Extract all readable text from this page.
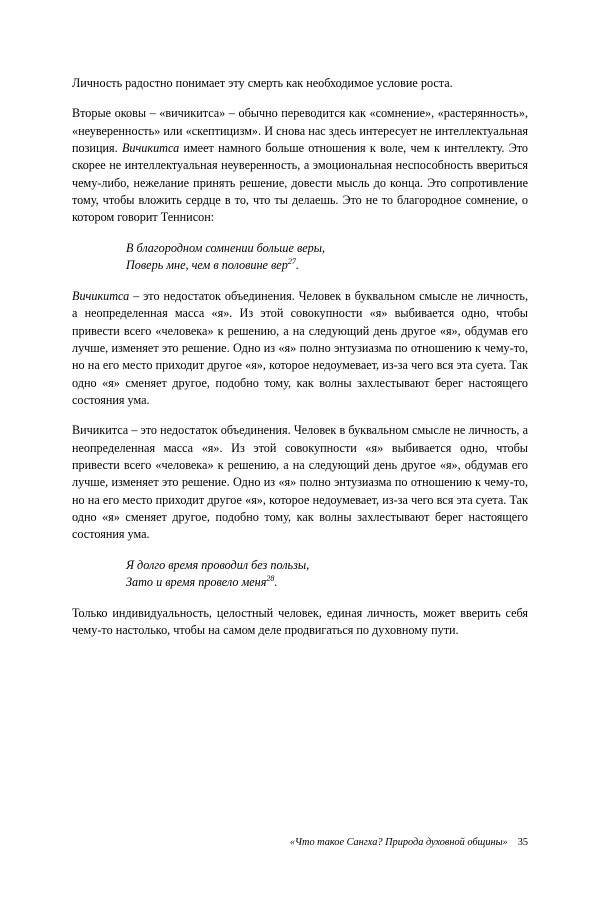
Личность радостно понимает эту смерть как необходимое условие роста.

Вторые оковы – «вичикитса» – обычно переводится как «сомнение», «растерянность», «неуверенность» или «скептицизм». И снова нас здесь интересует не интеллектуальная позиция. Вичикитса имеет намного больше отношения к воле, чем к интеллекту. Это скорее не интеллектуальная неуверенность, а эмоциональная неспособность ввериться чему-либо, нежелание принять решение, довести мысль до конца. Это сопротивление тому, чтобы вложить сердце в то, что ты делаешь. Это не то благородное сомнение, о котором говорит Теннисон:

В благородном сомнении больше веры,
Поверь мне, чем в половине вер$^{27}$.

Вичикитса – это недостаток объединения. Человек в буквальном смысле не личность, а неопределенная масса «я». Из этой совокупности «я» выбивается одно, чтобы привести всего «человека» к решению, а на следующий день другое «я», обдумав его лучше, изменяет это решение. Одно из «я» полно энтузиазма по отношению к чему-то, но на его место приходит другое «я», которое недоумевает, из-за чего вся эта суета. Так одно «я» сменяет другое, подобно тому, как волны захлестывают берег настоящего состояния ума.

Вичикитса – это недостаток объединения. Человек в буквальном смысле не личность, а неопределенная масса «я». Из этой совокупности «я» выбивается одно, чтобы привести всего «человека» к решению, а на следующий день другое «я», обдумав его лучше, изменяет это решение. Одно из «я» полно энтузиазма по отношению к чему-то, но на его место приходит другое «я», которое недоумевает, из-за чего вся эта суета. Так одно «я» сменяет другое, подобно тому, как волны захлестывают берег настоящего состояния ума.

Я долго время проводил без пользы,
Зато и время провело меня$^{28}$.

Только индивидуальность, целостный человек, единая личность, может вверить себя чему-то настолько, чтобы на самом деле продвигаться по духовному пути.

«Что такое Сангха? Природа духовной общины» 35
